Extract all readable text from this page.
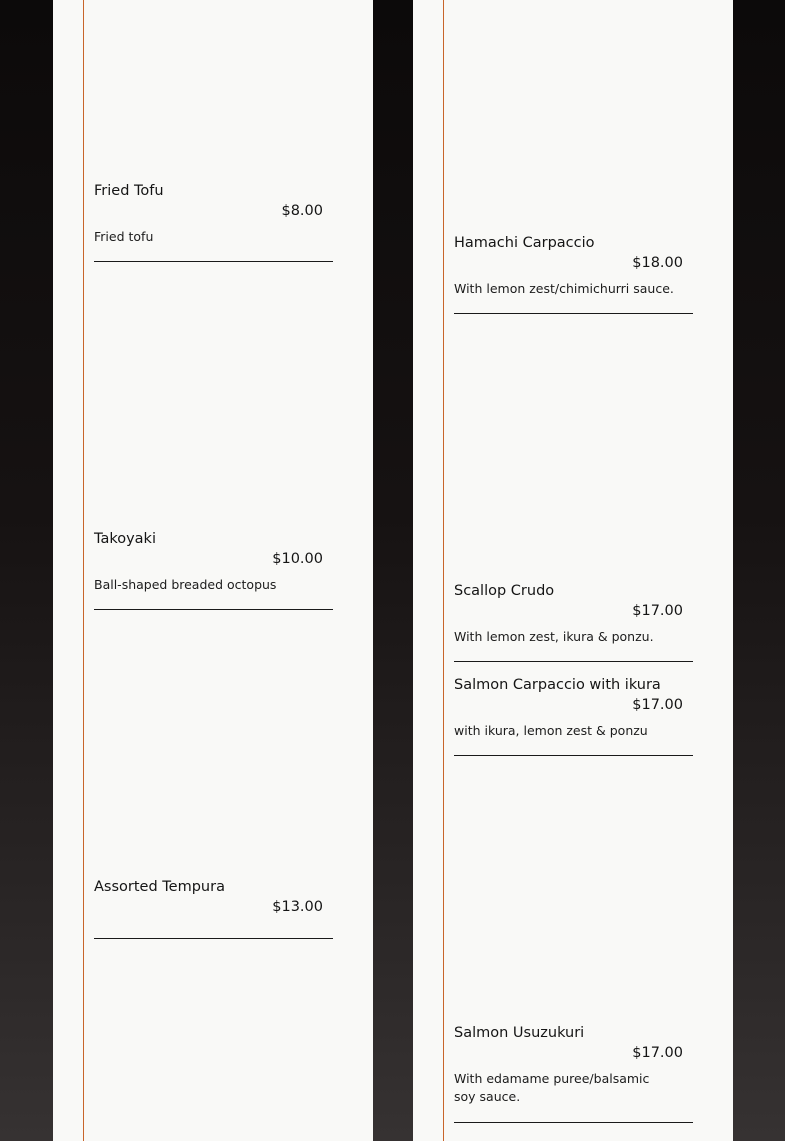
Fried Tofu
$8.00
Fried tofu
Takoyaki
$10.00
Ball-shaped breaded octopus
Assorted Tempura
$13.00
Hamachi Carpaccio
$18.00
With lemon zest/chimichurri sauce.
Scallop Crudo
$17.00
With lemon zest, ikura & ponzu.
Salmon Carpaccio with ikura
$17.00
with ikura, lemon zest & ponzu
Salmon Usuzukuri
$17.00
With edamame puree/balsamic soy sauce.
